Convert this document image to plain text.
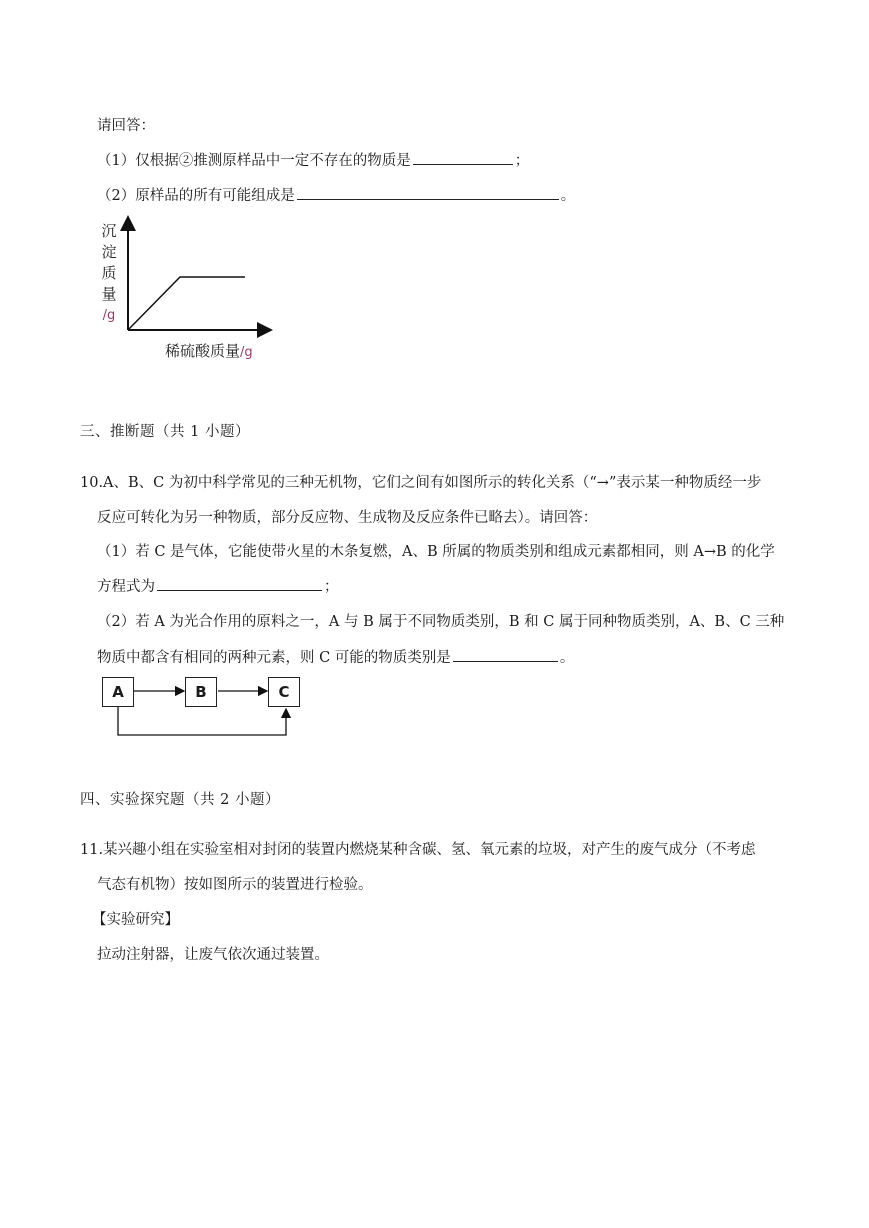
请回答：
（1）仅根据②推测原样品中一定不存在的物质是	；
（2）原样品的所有可能组成是	。
沉
淀
质
量
/g
稀硫酸质量/g
三、推断题（共 1 小题）
10.A、B、C 为初中科学常见的三种无机物，它们之间有如图所示的转化关系（“→”表示某一种物质经一步
反应可转化为另一种物质，部分反应物、生成物及反应条件已略去）。请回答：
（1）若 C 是气体，它能使带火星的木条复燃，A、B 所属的物质类别和组成元素都相同，则 A→B 的化学
方程式为	；
（2）若 A 为光合作用的原料之一，A 与 B 属于不同物质类别，B 和 C 属于同种物质类别，A、B、C 三种
物质中都含有相同的两种元素，则 C 可能的物质类别是	。
A	B	C
四、实验探究题（共 2 小题）
11.某兴趣小组在实验室相对封闭的装置内燃烧某种含碳、氢、氧元素的垃圾，对产生的废气成分（不考虑
气态有机物）按如图所示的装置进行检验。
【实验研究】
拉动注射器，让废气依次通过装置。
